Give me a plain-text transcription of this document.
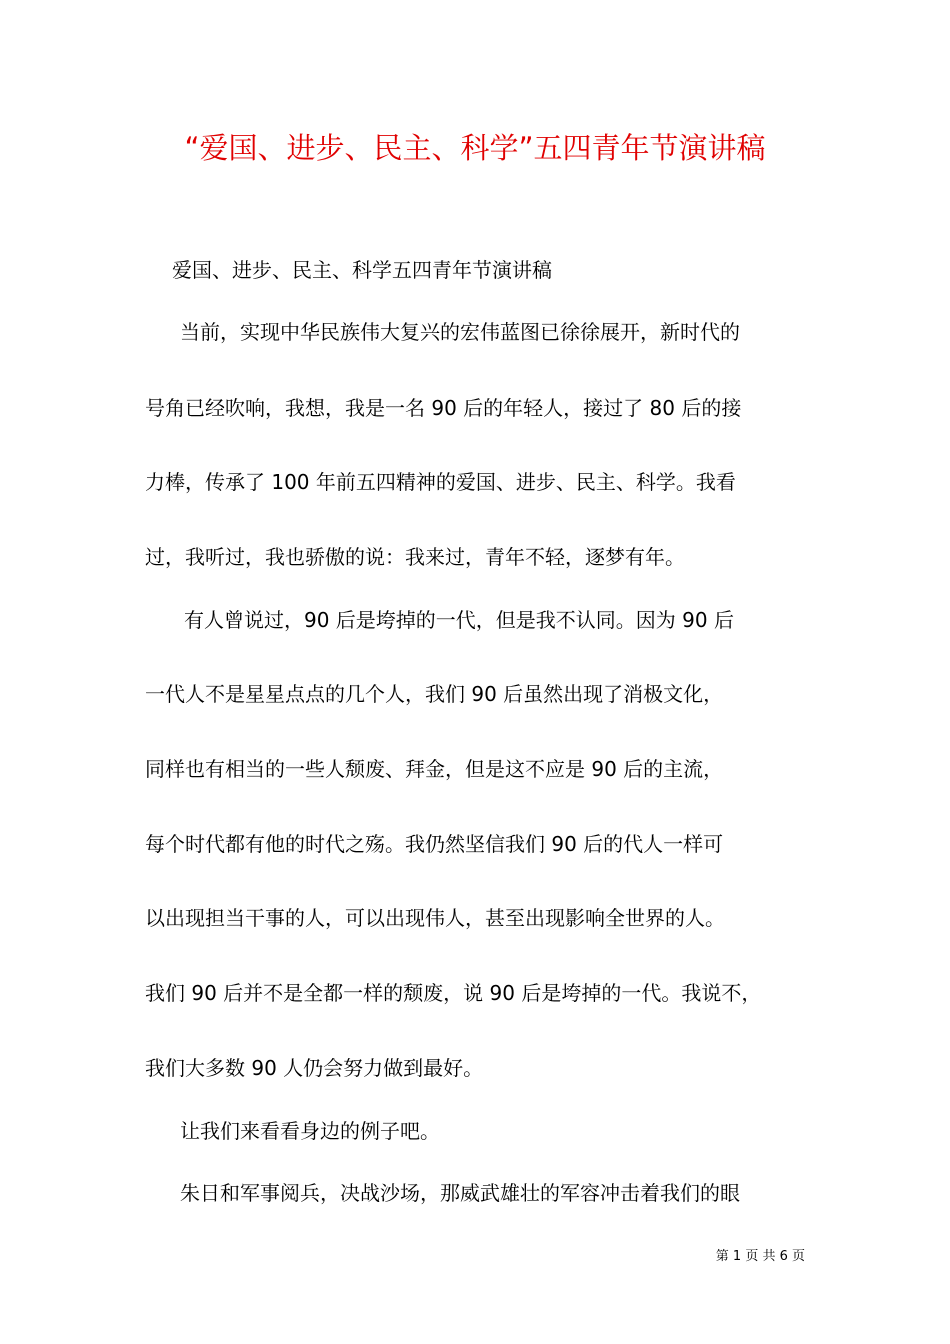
“爱国、进步、民主、科学”五四青年节演讲稿
爱国、进步、民主、科学五四青年节演讲稿
当前，实现中华民族伟大复兴的宏伟蓝图已徐徐展开，新时代的
号角已经吹响，我想，我是一名 90 后的年轻人，接过了 80 后的接
力棒，传承了 100 年前五四精神的爱国、进步、民主、科学。我看
过，我听过，我也骄傲的说：我来过，青年不轻，逐梦有年。
有人曾说过，90 后是垮掉的一代，但是我不认同。因为 90 后
一代人不是星星点点的几个人，我们 90 后虽然出现了消极文化，
同样也有相当的一些人颓废、拜金，但是这不应是 90 后的主流，
每个时代都有他的时代之殇。我仍然坚信我们 90 后的代人一样可
以出现担当干事的人，可以出现伟人，甚至出现影响全世界的人。
我们 90 后并不是全都一样的颓废，说 90 后是垮掉的一代。我说不，
我们大多数 90 人仍会努力做到最好。
让我们来看看身边的例子吧。
朱日和军事阅兵，决战沙场，那威武雄壮的军容冲击着我们的眼
第 1 页 共 6 页
